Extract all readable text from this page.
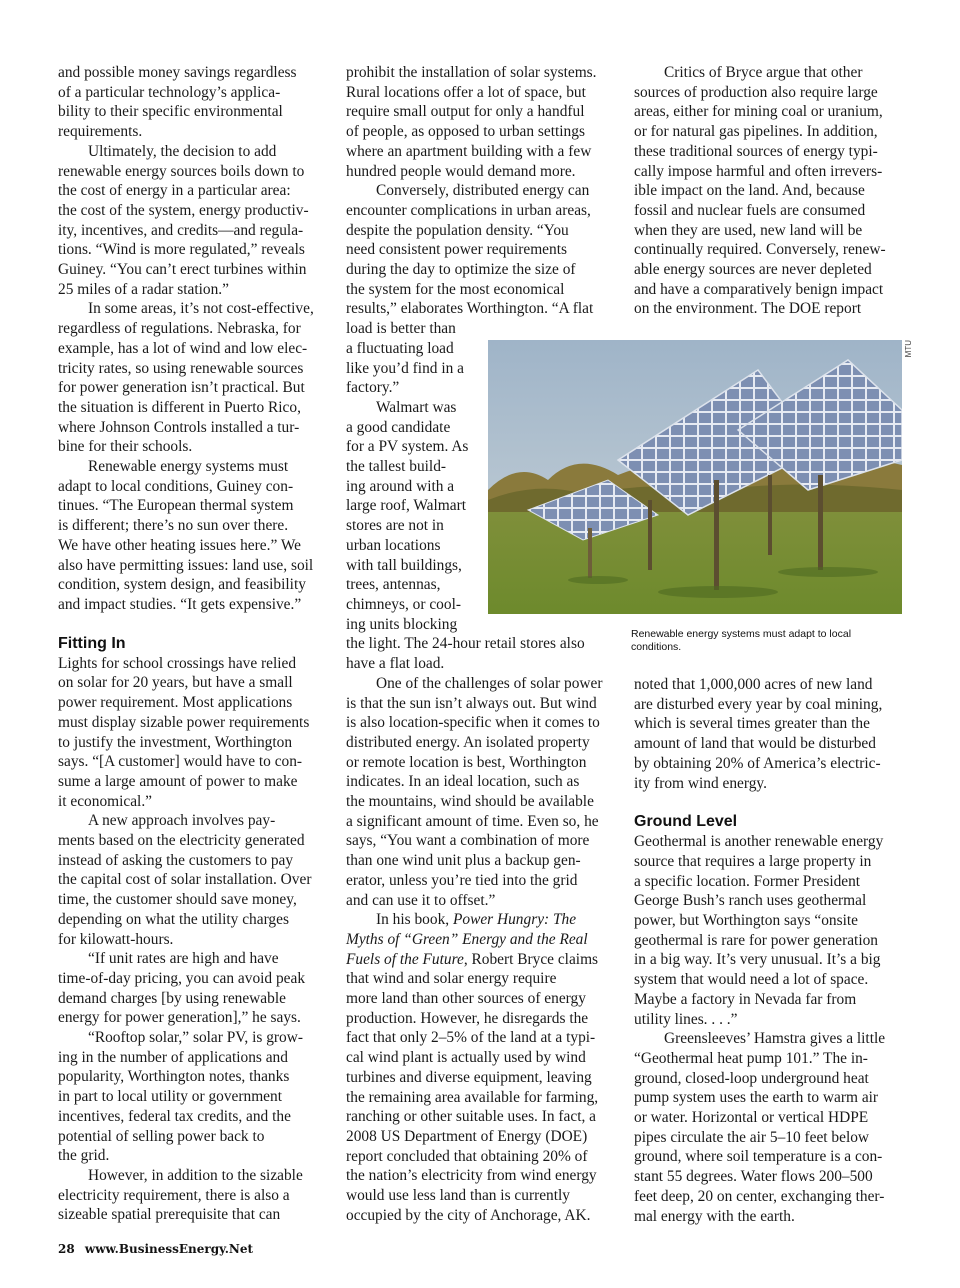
and possible money savings regardless
of a particular technology’s applica-
bility to their specific environmental
requirements.

Ultimately, the decision to add
renewable energy sources boils down to
the cost of energy in a particular area:
the cost of the system, energy productiv-
ity, incentives, and credits—and regula-
tions. “Wind is more regulated,” reveals
Guiney. “You can’t erect turbines within
25 miles of a radar station.”

In some areas, it’s not cost-effective,
regardless of regulations. Nebraska, for
example, has a lot of wind and low elec-
tricity rates, so using renewable sources
for power generation isn’t practical. But
the situation is different in Puerto Rico,
where Johnson Controls installed a tur-
bine for their schools.

Renewable energy systems must
adapt to local conditions, Guiney con-
tinues. “The European thermal system
is different; there’s no sun over there.
We have other heating issues here.” We
also have permitting issues: land use, soil
condition, system design, and feasibility
and impact studies. “It gets expensive.”

Fitting In

Lights for school crossings have relied
on solar for 20 years, but have a small
power requirement. Most applications
must display sizable power requirements
to justify the investment, Worthington
says. “[A customer] would have to con-
sume a large amount of power to make
it economical.”

A new approach involves pay-
ments based on the electricity generated
instead of asking the customers to pay
the capital cost of solar installation. Over
time, the customer should save money,
depending on what the utility charges
for kilowatt-hours.

“If unit rates are high and have
time-of-day pricing, you can avoid peak
demand charges [by using renewable
energy for power generation],” he says.

“Rooftop solar,” solar PV, is grow-
ing in the number of applications and
popularity, Worthington notes, thanks
in part to local utility or government
incentives, federal tax credits, and the
potential of selling power back to
the grid.

However, in addition to the sizable
electricity requirement, there is also a
sizeable spatial prerequisite that can

prohibit the installation of solar systems.
Rural locations offer a lot of space, but
require small output for only a handful
of people, as opposed to urban settings
where an apartment building with a few
hundred people would demand more.

Conversely, distributed energy can
encounter complications in urban areas,
despite the population density. “You
need consistent power requirements
during the day to optimize the size of
the system for the most economical
results,” elaborates Worthington. “A flat
load is better than
a fluctuating load
like you’d find in a
factory.”

Walmart was
a good candidate
for a PV system. As
the tallest build-
ing around with a
large roof, Walmart
stores are not in
urban locations
with tall buildings,
trees, antennas,
chimneys, or cool-
ing units blocking
the light. The 24-hour retail stores also
have a flat load.

One of the challenges of solar power
is that the sun isn’t always out. But wind
is also location-specific when it comes to
distributed energy. An isolated property
or remote location is best, Worthington
indicates. In an ideal location, such as
the mountains, wind should be available
a significant amount of time. Even so, he
says, “You want a combination of more
than one wind unit plus a backup gen-
erator, unless you’re tied into the grid
and can use it to offset.”

In his book, Power Hungry: The
Myths of “Green” Energy and the Real
Fuels of the Future, Robert Bryce claims
that wind and solar energy require
more land than other sources of energy
production. However, he disregards the
fact that only 2–5% of the land at a typi-
cal wind plant is actually used by wind
turbines and diverse equipment, leaving
the remaining area available for farming,
ranching or other suitable uses. In fact, a
2008 US Department of Energy (DOE)
report concluded that obtaining 20% of
the nation’s electricity from wind energy
would use less land than is currently
occupied by the city of Anchorage, AK.

Critics of Bryce argue that other
sources of production also require large
areas, either for mining coal or uranium,
or for natural gas pipelines. In addition,
these traditional sources of energy typi-
cally impose harmful and often irrevers-
ible impact on the land. And, because
fossil and nuclear fuels are consumed
when they are used, new land will be
continually required. Conversely, renew-
able energy sources are never depleted
and have a comparatively benign impact
on the environment. The DOE report

MTU
Renewable energy systems must adapt to local
conditions.

noted that 1,000,000 acres of new land
are disturbed every year by coal mining,
which is several times greater than the
amount of land that would be disturbed
by obtaining 20% of America’s electric-
ity from wind energy.

Ground Level

Geothermal is another renewable energy
source that requires a large property in
a specific location. Former President
George Bush’s ranch uses geothermal
power, but Worthington says “onsite
geothermal is rare for power generation
in a big way. It’s very unusual. It’s a big
system that would need a lot of space.
Maybe a factory in Nevada far from
utility lines. . . .”

Greensleeves’ Hamstra gives a little
“Geothermal heat pump 101.” The in-
ground, closed-loop underground heat
pump system uses the earth to warm air
or water. Horizontal or vertical HDPE
pipes circulate the air 5–10 feet below
ground, where soil temperature is a con-
stant 55 degrees. Water flows 200–500
feet deep, 20 on center, exchanging ther-
mal energy with the earth.

28 www.BusinessEnergy.Net
